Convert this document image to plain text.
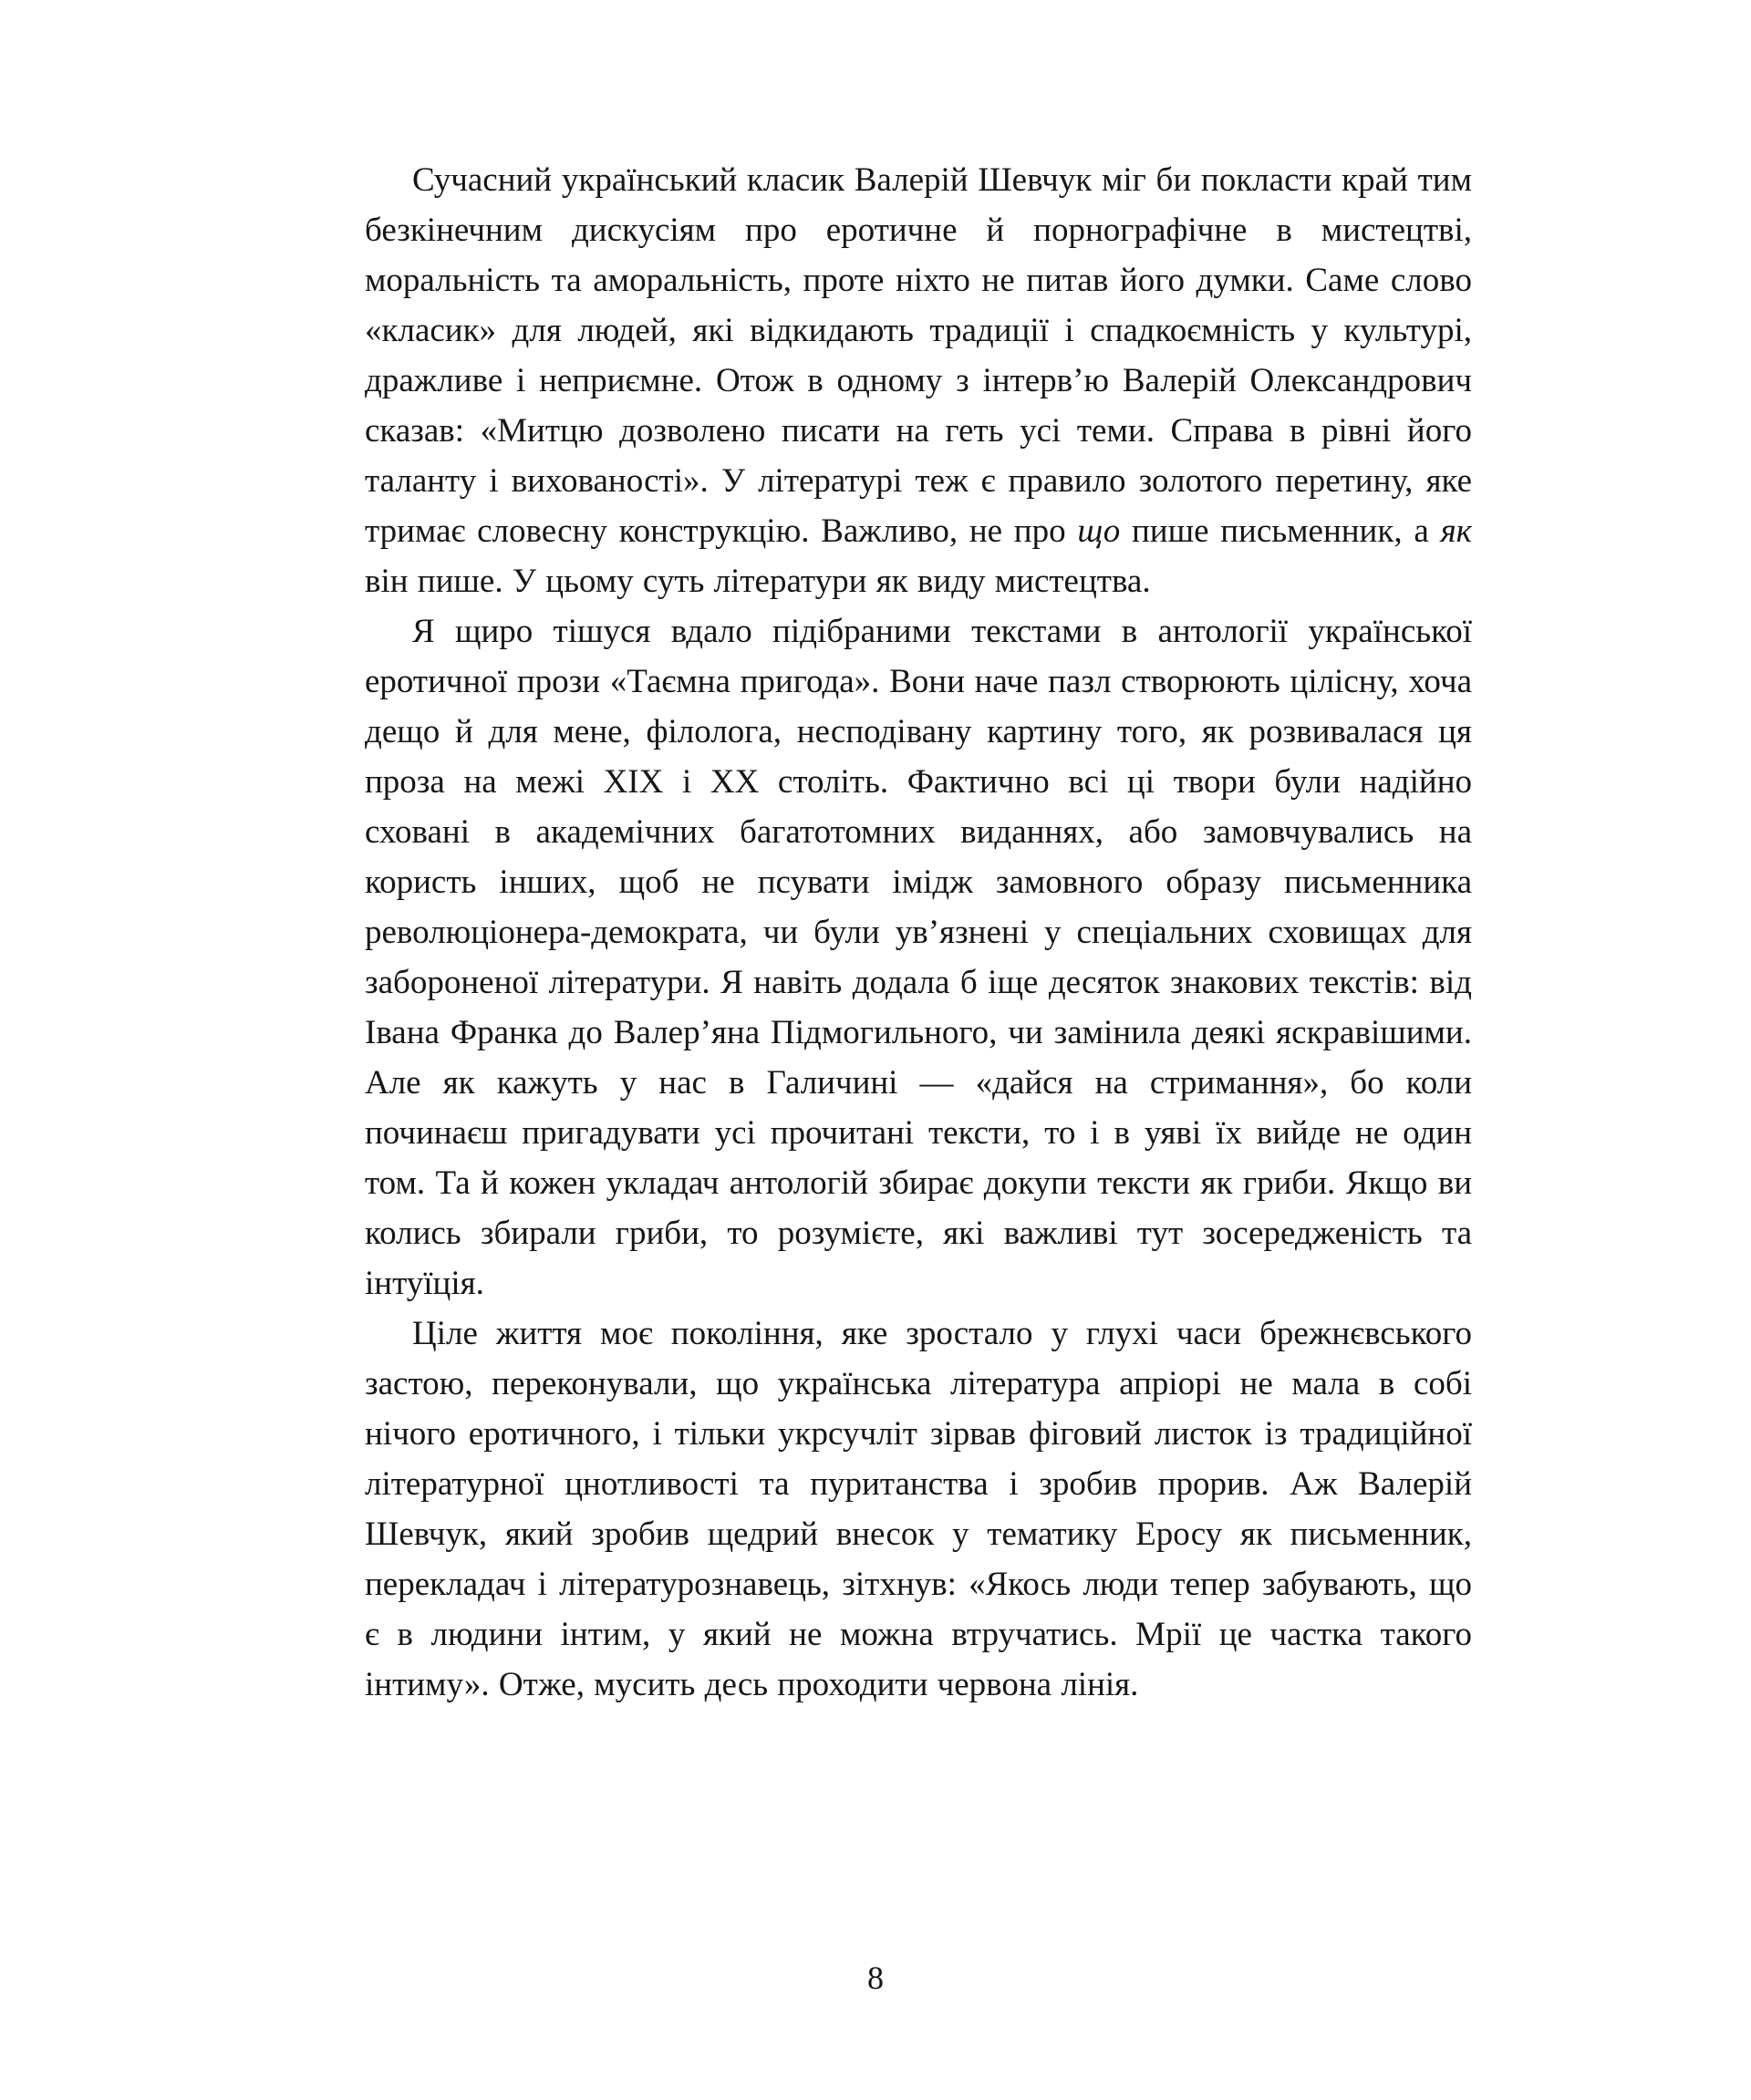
Сучасний український класик Валерій Шевчук міг би покласти край тим безкінечним дискусіям про еротичне й порнографічне в мистецтві, моральність та аморальність, проте ніхто не питав його думки. Саме слово «класик» для людей, які відкидають традиції і спадкоємність у культурі, дражливе і неприємне. Отож в одному з інтерв’ю Валерій Олександрович сказав: «Митцю дозволено писати на геть усі теми. Справа в рівні його таланту і вихованості». У літературі теж є правило золотого перетину, яке тримає словесну конструкцію. Важливо, не про що пише письменник, а як він пише. У цьому суть літератури як виду мистецтва.

Я щиро тішуся вдало підібраними текстами в антології української еротичної прози «Таємна пригода». Вони наче пазл створюють цілісну, хоча дещо й для мене, філолога, несподівану картину того, як розвивалася ця проза на межі XIX і XX століть. Фактично всі ці твори були надійно сховані в академічних багатотомних виданнях, або замовчувались на користь інших, щоб не псувати імідж замовного образу письменника революціонера-демократа, чи були ув’язнені у спеціальних сховищах для забороненої літератури. Я навіть додала б іще десяток знакових текстів: від Івана Франка до Валер’яна Підмогильного, чи замінила деякі яскравішими. Але як кажуть у нас в Галичині — «дайся на стримання», бо коли починаєш пригадувати усі прочитані тексти, то і в уяві їх вийде не один том. Та й кожен укладач антологій збирає докупи тексти як гриби. Якщо ви колись збирали гриби, то розумієте, які важливі тут зосередженість та інтуїція.

Ціле життя моє покоління, яке зростало у глухі часи брежнєвського застою, переконували, що українська література апріорі не мала в собі нічого еротичного, і тільки укрсучліт зірвав фіговий листок із традиційної літературної цнотливості та пуританства і зробив прорив. Аж Валерій Шевчук, який зробив щедрий внесок у тематику Еросу як письменник, перекладач і літературознавець, зітхнув: «Якось люди тепер забувають, що є в людини інтим, у який не можна втручатись. Мрії це частка такого інтиму». Отже, мусить десь проходити червона лінія.

8
